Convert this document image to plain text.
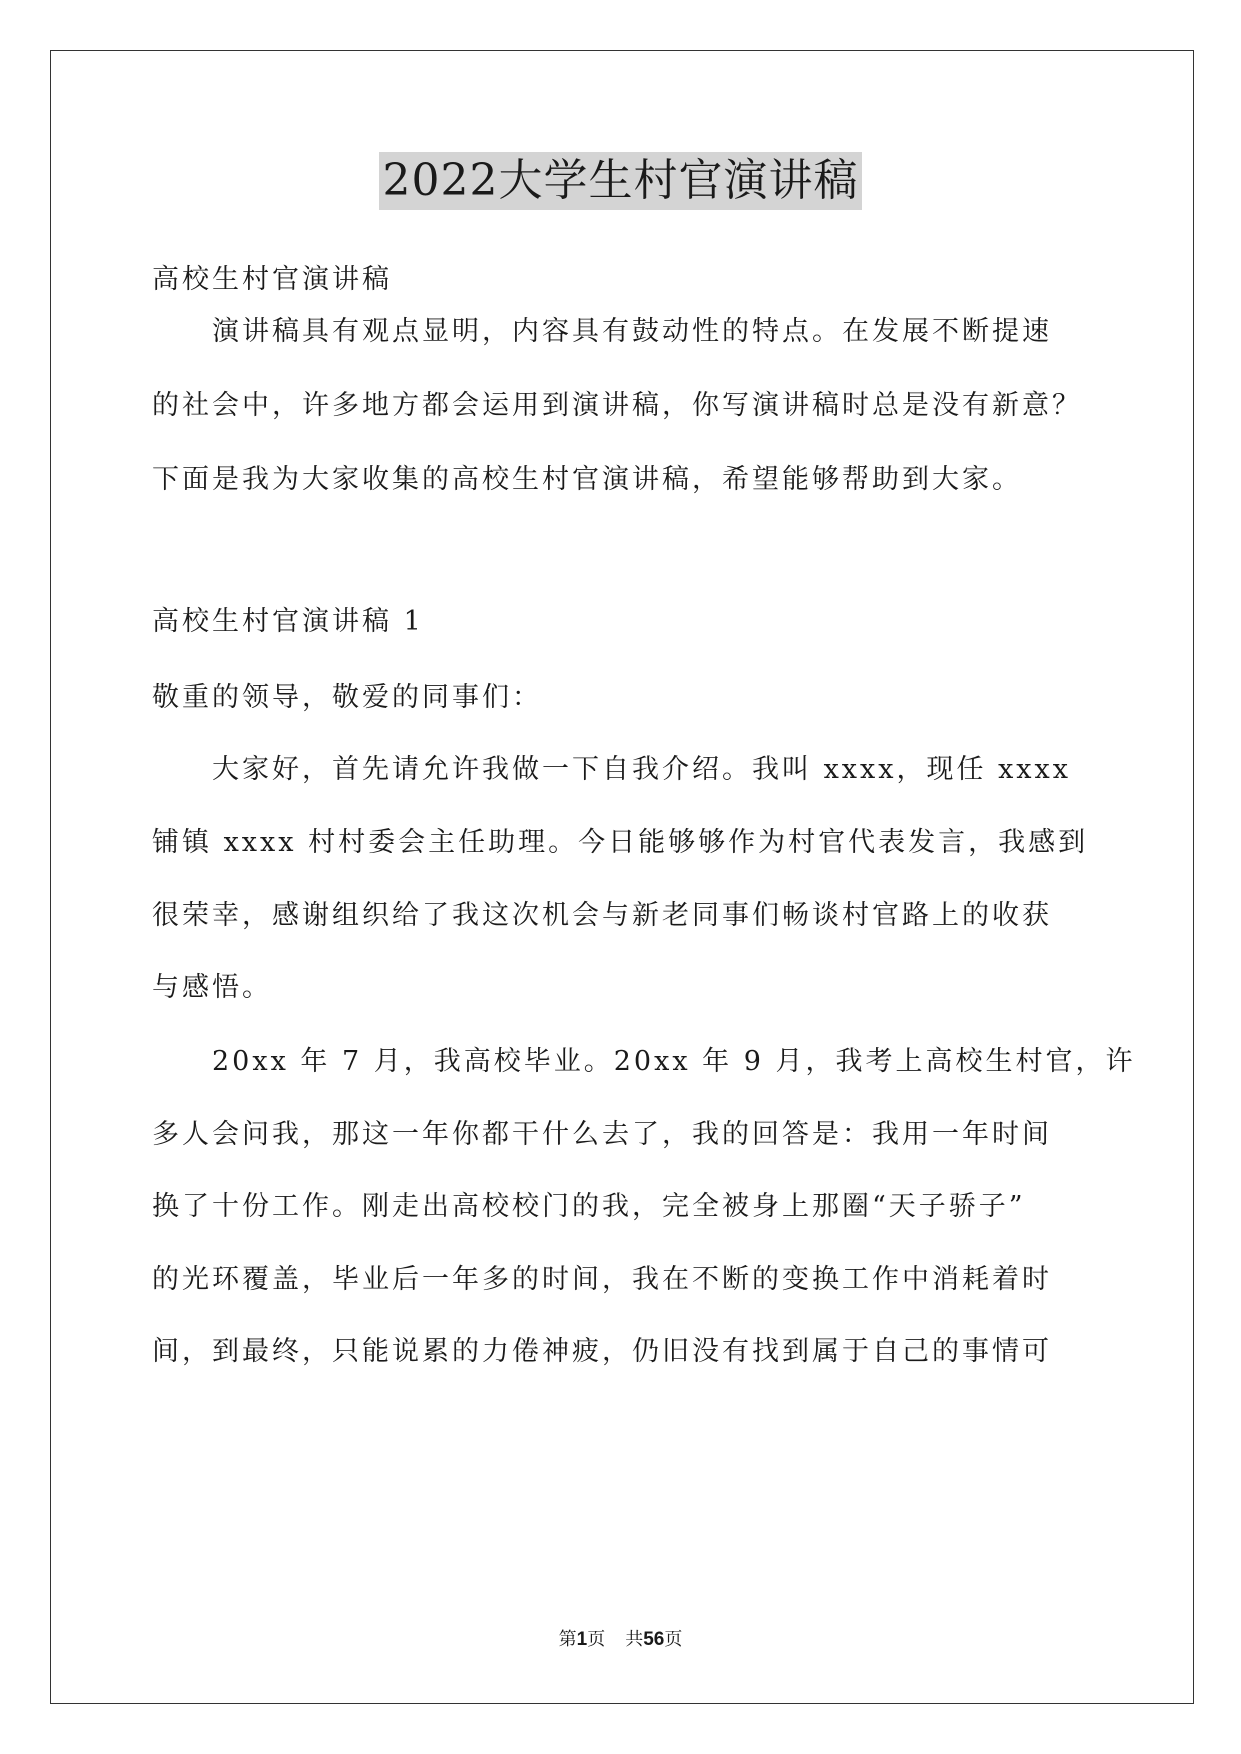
2022大学生村官演讲稿

高校生村官演讲稿

　　演讲稿具有观点显明，内容具有鼓动性的特点。在发展不断提速

的社会中，许多地方都会运用到演讲稿，你写演讲稿时总是没有新意？

下面是我为大家收集的高校生村官演讲稿，希望能够帮助到大家。

高校生村官演讲稿 1

敬重的领导，敬爱的同事们：

　　大家好，首先请允许我做一下自我介绍。我叫 xxxx，现任 xxxx

铺镇 xxxx 村村委会主任助理。今日能够够作为村官代表发言，我感到

很荣幸，感谢组织给了我这次机会与新老同事们畅谈村官路上的收获

与感悟。

　　20xx 年 7 月，我高校毕业。20xx 年 9 月，我考上高校生村官，许

多人会问我，那这一年你都干什么去了，我的回答是：我用一年时间

换了十份工作。刚走出高校校门的我，完全被身上那圈“天子骄子”

的光环覆盖，毕业后一年多的时间，我在不断的变换工作中消耗着时

间，到最终，只能说累的力倦神疲，仍旧没有找到属于自己的事情可

第1页 共56页
